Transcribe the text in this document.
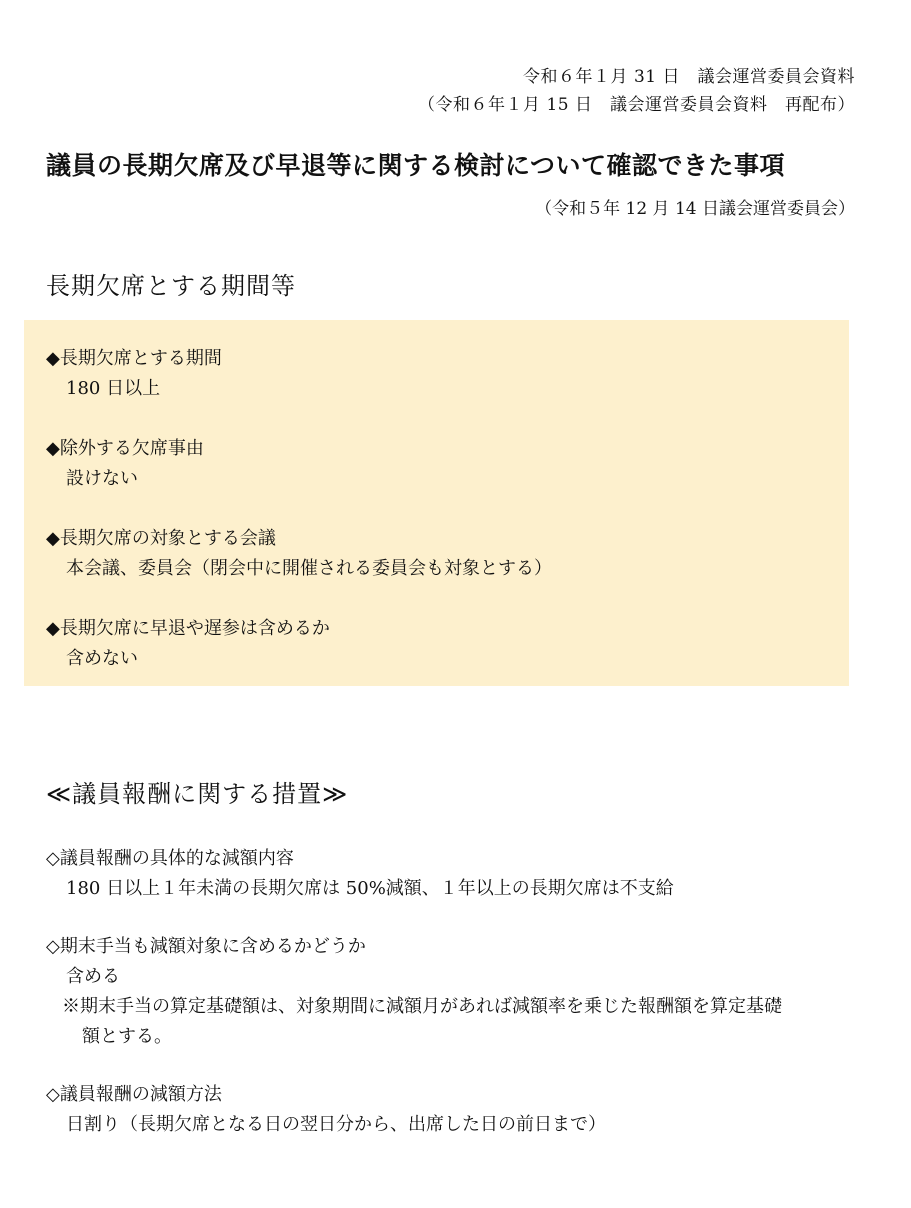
令和６年１月 31 日　議会運営委員会資料
（令和６年１月 15 日　議会運営委員会資料　再配布）
議員の長期欠席及び早退等に関する検討について確認できた事項
（令和５年 12 月 14 日議会運営委員会）
長期欠席とする期間等
◆長期欠席とする期間
180 日以上
◆除外する欠席事由
設けない
◆長期欠席の対象とする会議
本会議、委員会（閉会中に開催される委員会も対象とする）
◆長期欠席に早退や遅参は含めるか
含めない
≪議員報酬に関する措置≫
◇議員報酬の具体的な減額内容
180 日以上１年未満の長期欠席は 50%減額、１年以上の長期欠席は不支給
◇期末手当も減額対象に含めるかどうか
含める
※期末手当の算定基礎額は、対象期間に減額月があれば減額率を乗じた報酬額を算定基礎
額とする。
◇議員報酬の減額方法
日割り（長期欠席となる日の翌日分から、出席した日の前日まで）
